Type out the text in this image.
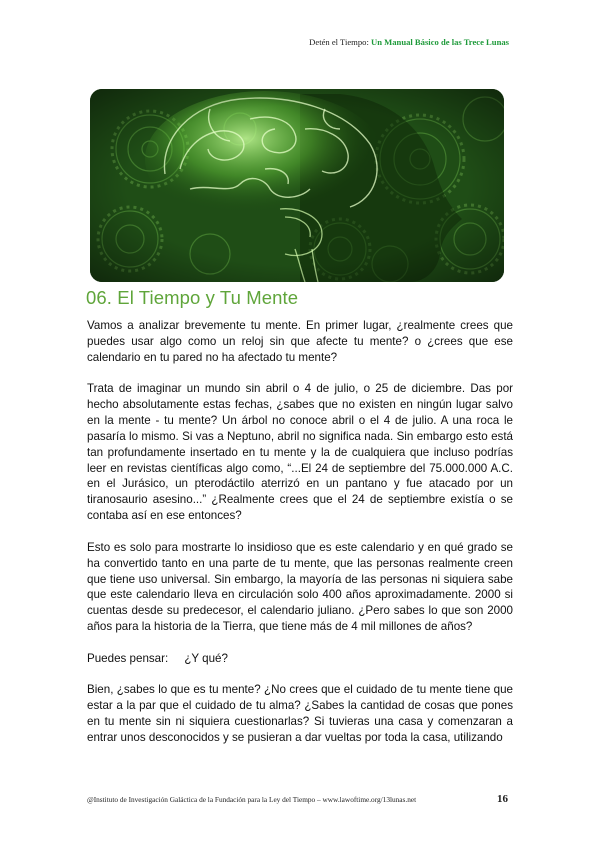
Detén el Tiempo: Un Manual Básico de las Trece Lunas
06. El Tiempo y Tu Mente

Vamos a analizar brevemente tu mente. En primer lugar, ¿realmente crees que puedes usar algo como un reloj sin que afecte tu mente? o ¿crees que ese calendario en tu pared no ha afectado tu mente?

Trata de imaginar un mundo sin abril o 4 de julio, o 25 de diciembre. Das por hecho absolutamente estas fechas, ¿sabes que no existen en ningún lugar salvo en la mente - tu mente? Un árbol no conoce abril o el 4 de julio. A una roca le pasaría lo mismo. Si vas a Neptuno, abril no significa nada. Sin embargo esto está tan profundamente insertado en tu mente y la de cualquiera que incluso podrías leer en revistas científicas algo como, “...El 24 de septiembre del 75.000.000 A.C. en el Jurásico, un pterodáctilo aterrizó en un pantano y fue atacado por un tiranosaurio asesino...” ¿Realmente crees que el 24 de septiembre existía o se contaba así en ese entonces?

Esto es solo para mostrarte lo insidioso que es este calendario y en qué grado se ha convertido tanto en una parte de tu mente, que las personas realmente creen que tiene uso universal. Sin embargo, la mayoría de las personas ni siquiera sabe que este calendario lleva en circulación solo 400 años aproximadamente. 2000 si cuentas desde su predecesor, el calendario juliano. ¿Pero sabes lo que son 2000 años para la historia de la Tierra, que tiene más de 4 mil millones de años?

Puedes pensar:     ¿Y qué?

Bien, ¿sabes lo que es tu mente? ¿No crees que el cuidado de tu mente tiene que estar a la par que el cuidado de tu alma? ¿Sabes la cantidad de cosas que pones en tu mente sin ni siquiera cuestionarlas? Si tuvieras una casa y comenzaran a entrar unos desconocidos y se pusieran a dar vueltas por toda la casa, utilizando

@Instituto de Investigación Galáctica de la Fundación para la Ley del Tiempo – www.lawoftime.org/13lunas.net	16
